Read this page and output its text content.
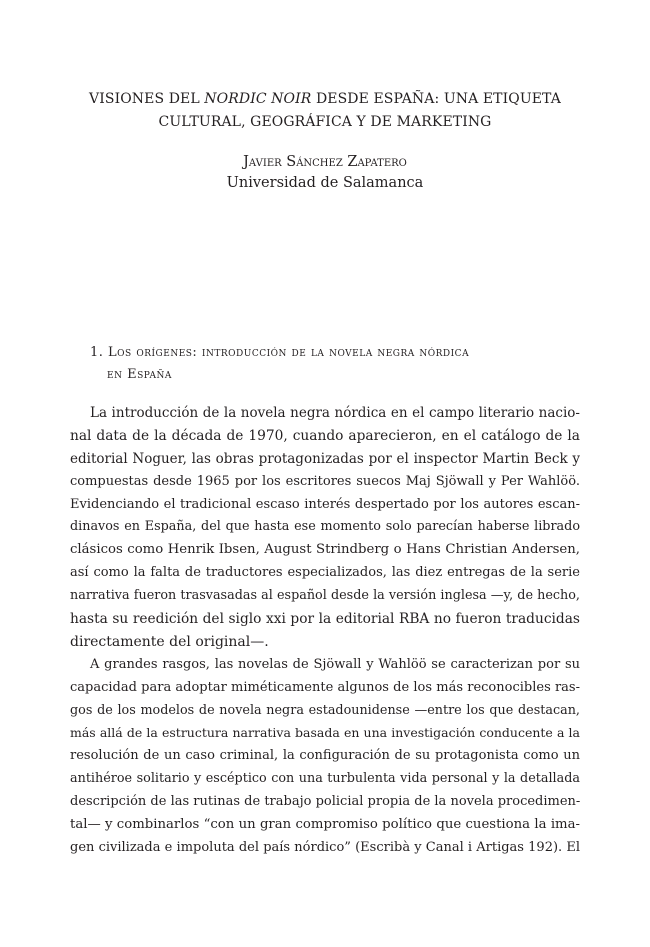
VISIONES DEL NORDIC NOIR DESDE ESPAÑA: UNA ETIQUETA
CULTURAL, GEOGRÁFICA Y DE MARKETING
Javier Sánchez Zapatero
Universidad de Salamanca
1. Los orígenes: introducción de la novela negra nórdica
en España
La introducción de la novela negra nórdica en el campo literario nacio-
nal data de la década de 1970, cuando aparecieron, en el catálogo de la
editorial Noguer, las obras protagonizadas por el inspector Martin Beck y
compuestas desde 1965 por los escritores suecos Maj Sjöwall y Per Wahlöö.
Evidenciando el tradicional escaso interés despertado por los autores escan-
dinavos en España, del que hasta ese momento solo parecían haberse librado
clásicos como Henrik Ibsen, August Strindberg o Hans Christian Andersen,
así como la falta de traductores especializados, las diez entregas de la serie
narrativa fueron trasvasadas al español desde la versión inglesa —y, de hecho,
hasta su reedición del siglo xxi por la editorial RBA no fueron traducidas
directamente del original—.
A grandes rasgos, las novelas de Sjöwall y Wahlöö se caracterizan por su
capacidad para adoptar miméticamente algunos de los más reconocibles ras-
gos de los modelos de novela negra estadounidense —entre los que destacan,
más allá de la estructura narrativa basada en una investigación conducente a la
resolución de un caso criminal, la configuración de su protagonista como un
antihéroe solitario y escéptico con una turbulenta vida personal y la detallada
descripción de las rutinas de trabajo policial propia de la novela procedimen-
tal— y combinarlos “con un gran compromiso político que cuestiona la ima-
gen civilizada e impoluta del país nórdico” (Escribà y Canal i Artigas 192). El
